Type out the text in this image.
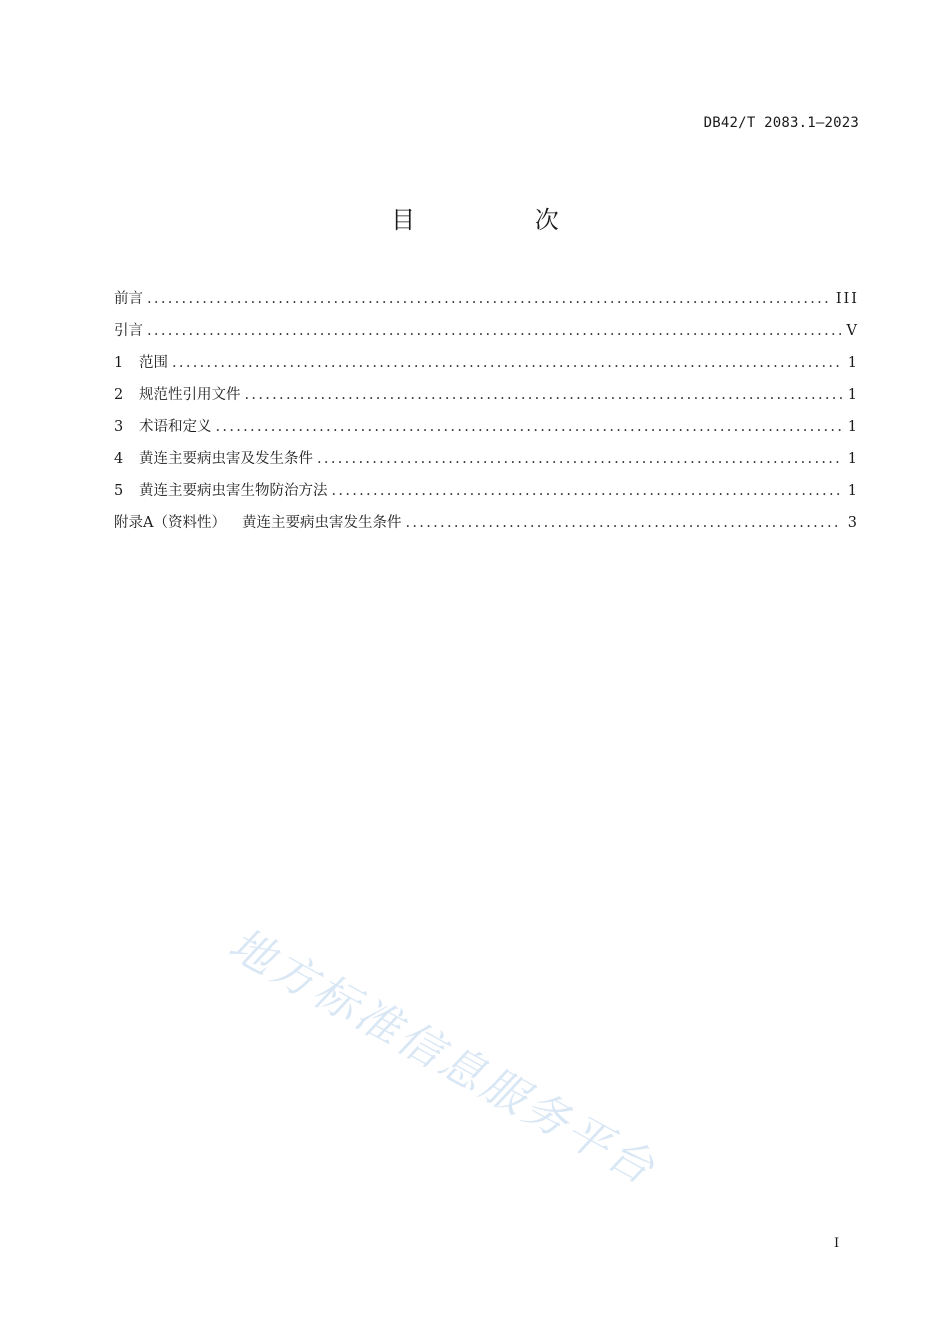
DB42/T 2083.1—2023
目 次
前言 .....	III
引言 .....	V
1 范围 .....	1
2 规范性引用文件 .....	1
3 术语和定义 .....	1
4 黄连主要病虫害及发生条件 .....	1
5 黄连主要病虫害生物防治方法 .....	1
附录A（资料性） 黄连主要病虫害发生条件 .....	3
地方标准信息服务平台
I
